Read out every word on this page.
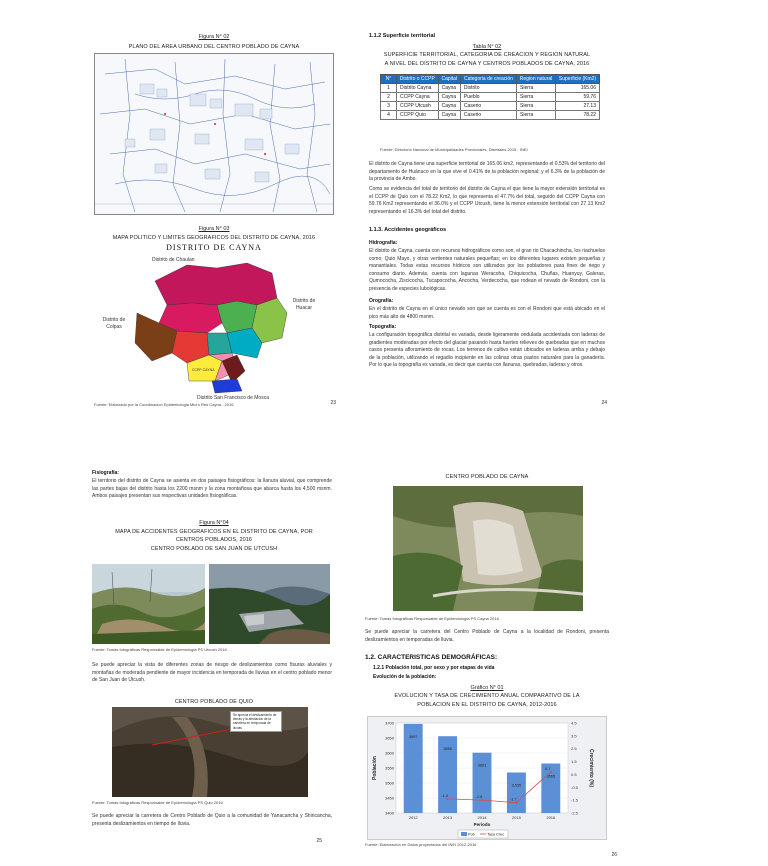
Figura N° 02
PLANO DEL AREA URBANO DEL CENTRO POBLADO DE CAYNA
Figura N° 03
MAPA POLITICO Y LIMITES GEOGRAFICOS DEL DISTRITO DE CAYNA, 2016
DISTRITO DE CAYNA
Distrito de Chaulan
Distrito de Huacar
Distrito de Colpas
Distrito San Francisco de Mosca
CCPP CAYNA
Fuente: Elaborado por la Coordinacion Epidemiologia Micro Red Cayna - 2016	23
1.1.2 Superficie territorial
Tabla N° 02
SUPERFICIE TERRITORIAL, CATEGORIA DE CREACION Y REGION NATURAL
A NIVEL DEL DISTRITO DE CAYNA Y CENTROS POBLADOS DE CAYNA, 2016
N°	Distrito o CCPP	Capital	Categoria de creación	Region natural	Superficie (Km2)
1	Distrito Cayna	Cayna	Distrito	Sierra	165.06
2	CCPP Cayna	Cayna	Pueblo	Sierra	59.76
3	CCPP Utcush	Cayna	Caserio	Sierra	27.13
4	CCPP Quio	Cayna	Caserio	Sierra	78.22
Fuente: Directorio Nacional de Municipalidades Provinciales, Distritales 2015 - INEI
El distrito de Cayna tiene una superficie territorial de 165.06 km2, representando el 0.53% del territorio del departamento de Huánuco en la que vive el 0.41% de la población regional; y el 6.3% de la población de la provincia de Ambo.
Como se evidencia del total de territorio del distrito de Cayna el que tiene la mayor extensión territorial es el CCPP de Quio con el 78.22 Km2, lo que representa el 47.7% del total, seguido del CCPP Cayna con 59.76 Km2 representando el 36.0% y el CCPP Utcush, tiene la menor extensión territorial con 27.13 Km2 representando el 16.3% del total del distrito.
1.1.3. Accidentes geográficos
Hidrografía:
El distrito de Cayna, cuenta con recursos hidrográficos como son, el gran rio Chacachincha, los riachuelos como; Quio Mayo, y otras vertientes naturales pequeñas; en los diferentes lugares existen pequeñas y manantiales. Todas estas recursos hídricos son utilizados por los pobladores para fines de riego y consumo diario. Además, cuenta con lagunas Weracoha, Chiquicocha, Chuñas, Huanyuy, Galeras, Qumococha, Ziscicocha, Tucapococha, Ancocha, Verdecocha, que rodean el nevado de Rondoni, con la presencia de especies lubológicas.
Orografía:
En el distrito de Cayna en el único nevado son que se cuenta es con el Rondoni que está ubicado en el pico más alto de 4800 msnm.
Topografía:
La configuración topográfica distrital es variada, desde ligeramente ondulada accidentada con laderas de gradientes moderadas por efecto del glaciar pasando hasta fuertes relieves de quebradas que en muchos casos presenta afloramiento de rocas. Los terrenos de cultivo están ubicados en laderas arriba y debajo de la población, utilizando el regadío incipiente en las colinas otras pastos naturales para la ganadería. Por lo que la topografía es variada, es decir que cuenta con llanuras, quebradas, laderas y otros.
24
Fisiografía:
El territorio del distrito de Cayna se asienta en dos paisajes fisiográficos: la llanura aluvial, que comprende las partes bajas del distrito hasta los 2200 msnm y la zona montañosa que abarca hasta los 4,500 msnm. Ambos paisajes presentan sus respectivas unidades fisiográficas.
Figura N°04
MAPA DE ACCIDENTES GEOGRAFICOS EN EL DISTRITO DE CAYNA, POR
CENTROS POBLADOS, 2016
CENTRO POBLADO DE SAN JUAN DE UTCUSH
Fuente: Tomas fotográficas Responsable de Epidemiología PS Utcush 2016
Se puede apreciar la vista de diferentes zonas de riesgo de deslizamientos como fisuras aluviales y montañas de moderada pendiente de mayor incidencia en temporada de lluvias en el centro poblado menor de San Juan de Utcush.
CENTRO POBLADO DE QUIO
Se aprecia el deslizamiento de tierras y la afectación de la carretera en temporada de lluvias
Fuente: Tomas fotográficas Responsable de Epidemiología PS Quio 2016
Se puede apreciar la carretera de Centro Poblado de Quio a la comunidad de Yanacancha y Shiricancha, presenta deslizamientos en tiempo de lluvia.
25
CENTRO POBLADO DE CAYNA
Fuente: Tomas fotográficas Responsable de Epidemiología PS Cayna 2016
Se puede apreciar la carretera del Centro Poblado de Cayna a la localidad de Rondoni, presenta deslizamientos en temporadas de lluvia.
1.2. CARACTERISTICAS DEMOGRÁFICAS:
1.2.1 Población total, por sexo y por etapas de vida
Evolución de la población:
Gráfico N° 01
EVOLUCION Y TASA DE CRECIMIENTO ANUAL COMPARATIVO DE LA
POBLACION EN EL DISTRITO DE CAYNA, 2012-2016
3400
3450
3500
3550
3600
3650
3700
-2.5
-1.5
-0.5
0.5
1.5
2.5
3.5
4.5
Población	Crecimiento (%)
3697
2012
3656
2013
-1.4
3601
2014
-1.5
3,535
2015
-1.7
3565
2016
0.7
Periodo
Pob	Tasa Crec
Fuente: Elaboración en Datos proyectados del INEI 2012-2016
26
